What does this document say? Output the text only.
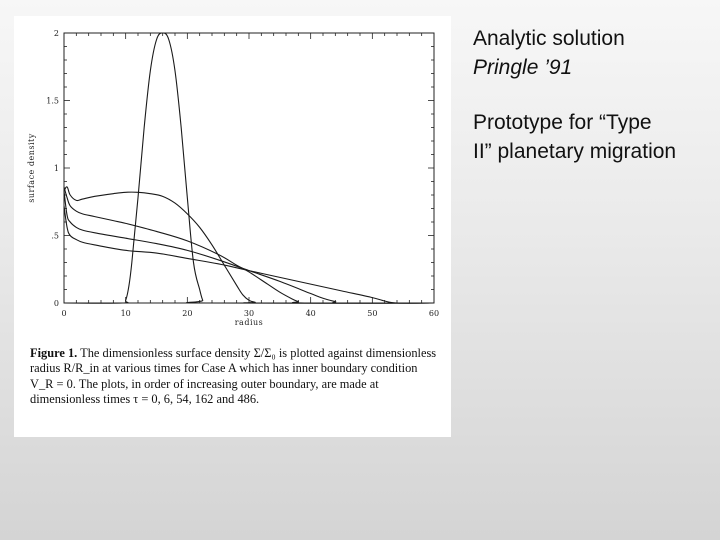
0	10	20	30	40	50	60
0
.5
1
1.5
2
radius
surface density
Figure 1. The dimensionless surface density Σ/Σ₀ is plotted against dimensionless radius R/R_in at various times for Case A which has inner boundary condition V_R = 0. The plots, in order of increasing outer boundary, are made at dimensionless times τ = 0, 6, 54, 162 and 486.

Analytic solution

Pringle ’91

Prototype for “Type

II” planetary migration
